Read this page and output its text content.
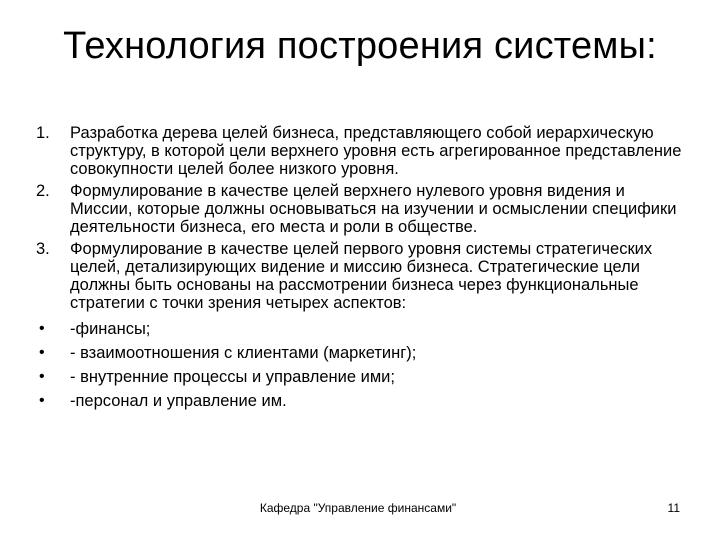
Технология построения системы:
1.	Разработка дерева целей бизнеса, представляющего собой иерархическую структуру, в которой цели верхнего уровня есть агрегированное представление совокупности целей более низкого уровня.
2.	Формулирование в качестве целей верхнего нулевого уровня видения и Миссии, которые должны основываться на изучении и осмыслении специфики деятельности бизнеса, его места и роли в обществе.
3.	Формулирование в качестве целей первого уровня системы стратегических целей, детализирующих видение и миссию бизнеса. Стратегические цели должны быть основаны на рассмотрении бизнеса через функциональные стратегии с точки зрения четырех аспектов:
•	-финансы;
•	- взаимоотношения с клиентами (маркетинг);
•	- внутренние процессы и управление ими;
•	-персонал и управление им.
Кафедра "Управление финансами"	11
